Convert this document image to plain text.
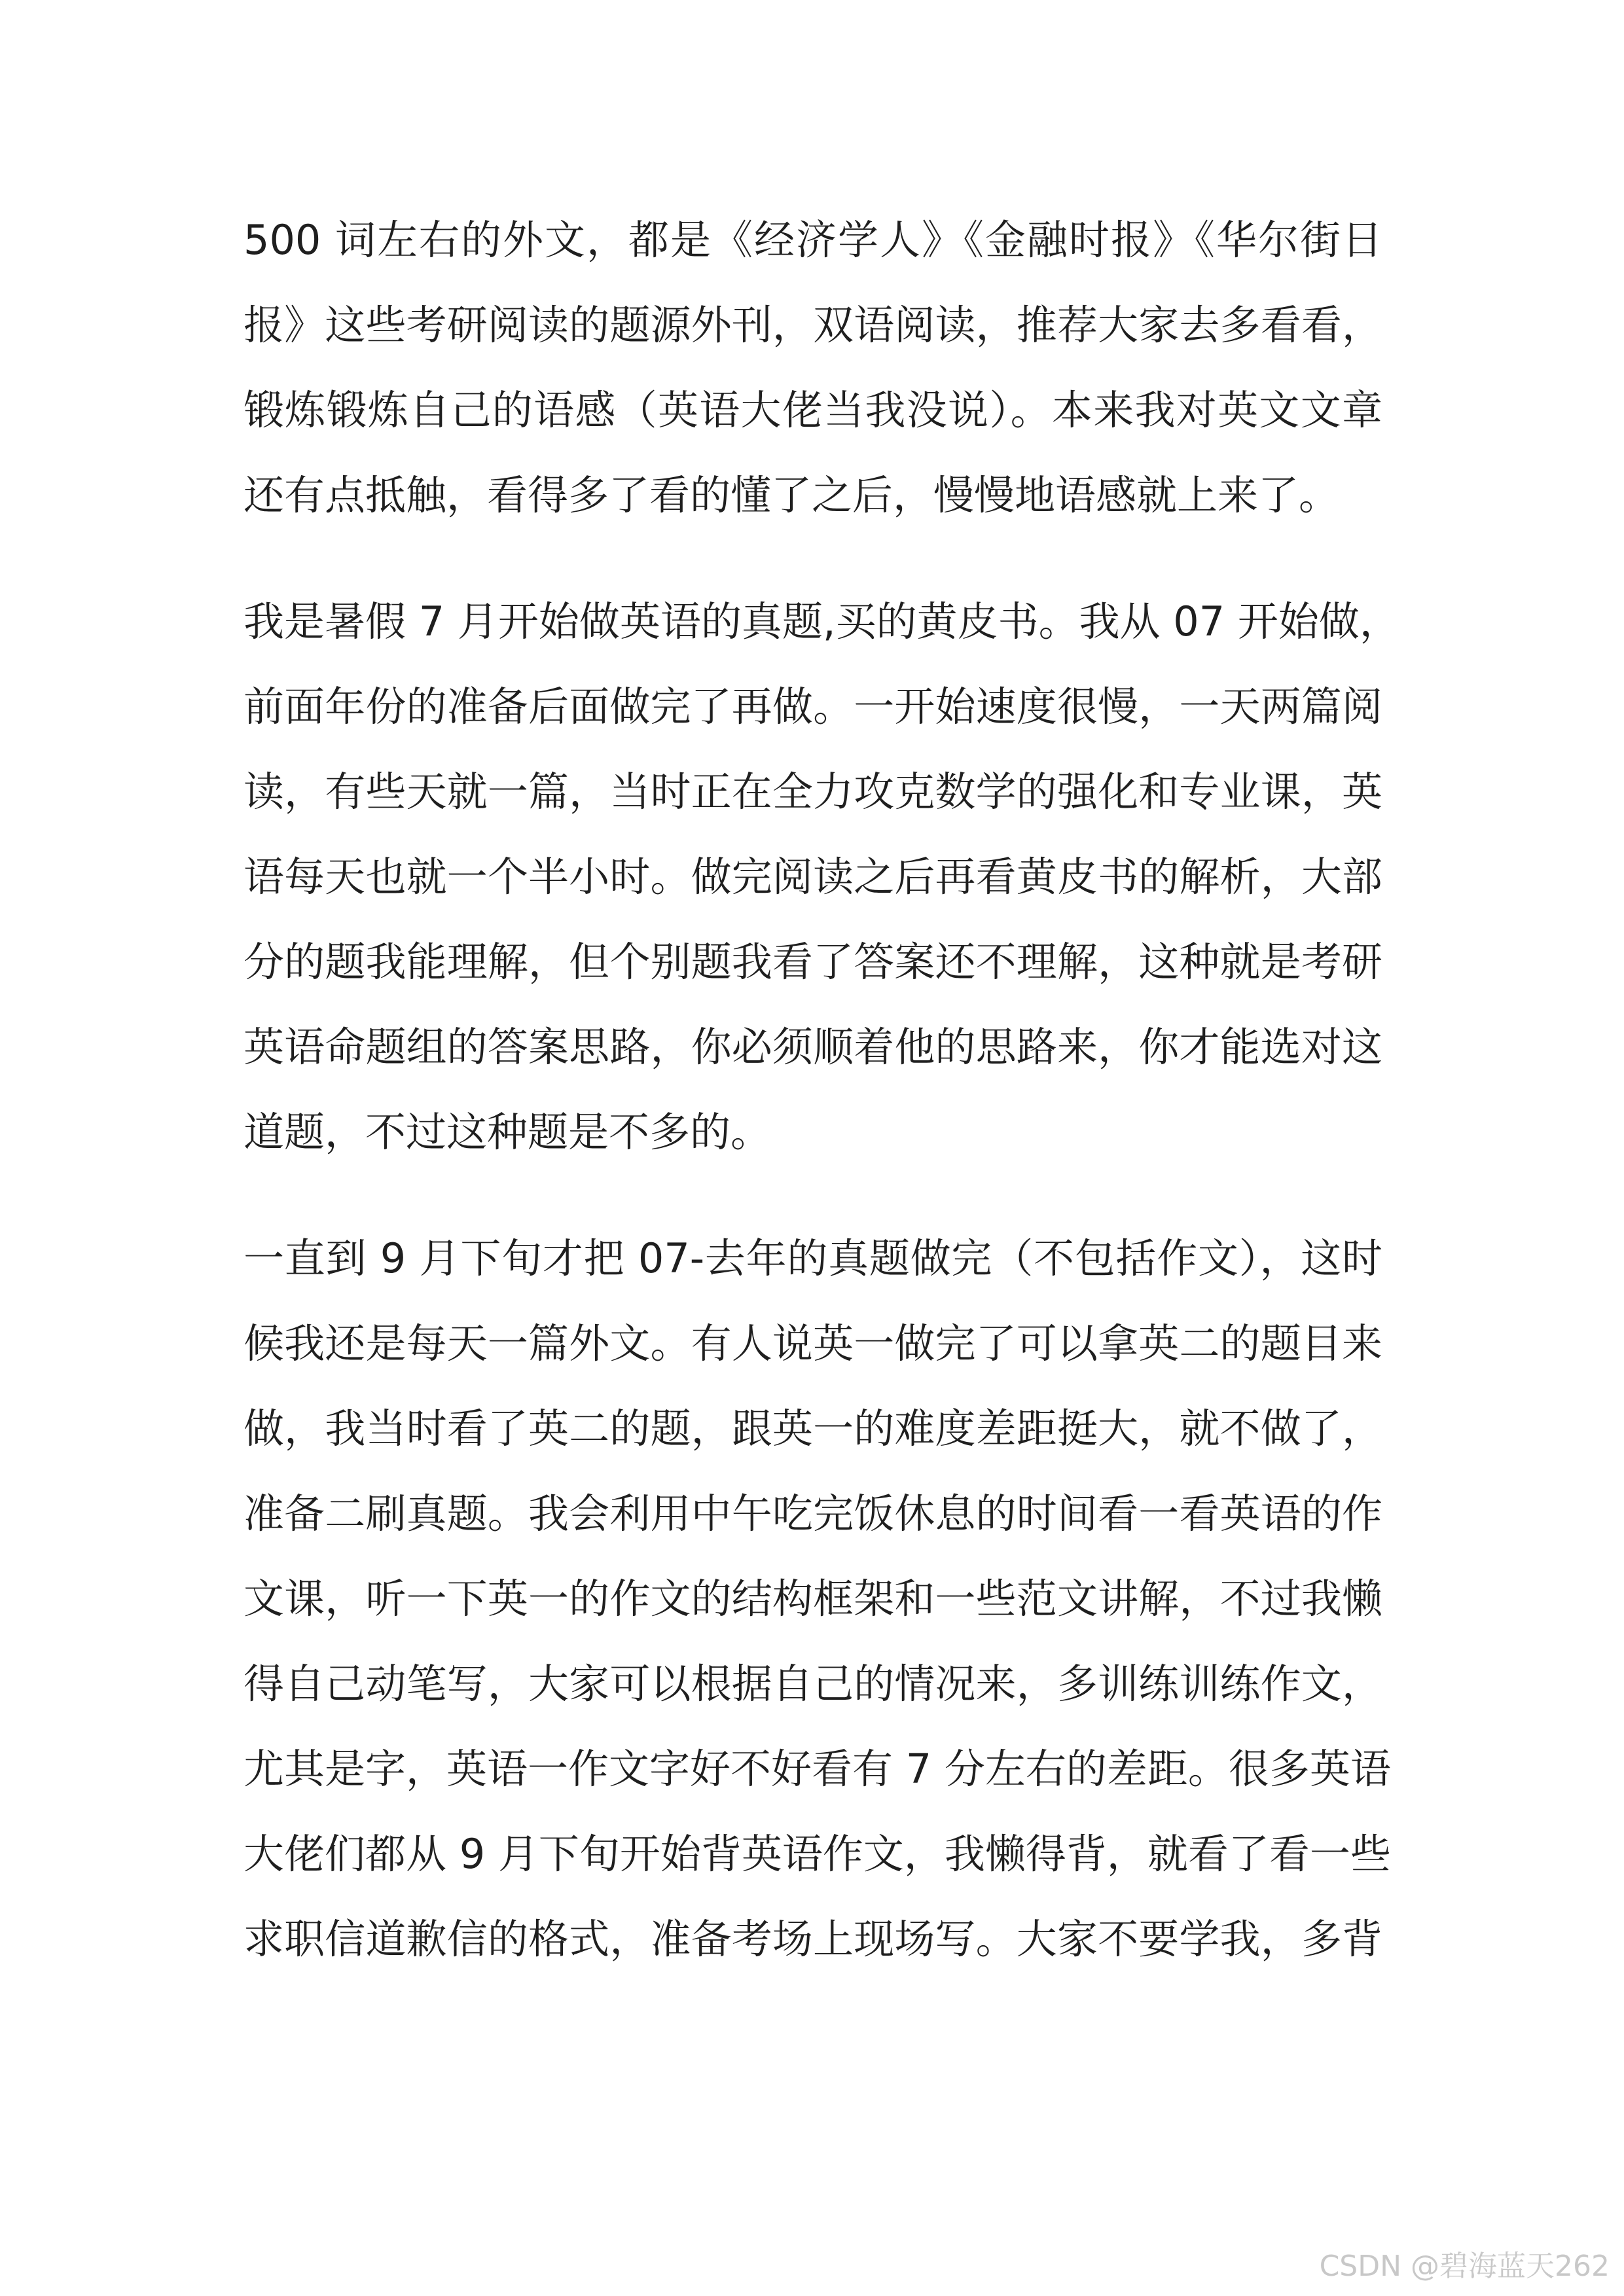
500 词左右的外文，都是《经济学人》《金融时报》《华尔街日
报》这些考研阅读的题源外刊，双语阅读，推荐大家去多看看，
锻炼锻炼自己的语感（英语大佬当我没说）。本来我对英文文章
还有点抵触，看得多了看的懂了之后，慢慢地语感就上来了。
我是暑假 7 月开始做英语的真题,买的黄皮书。我从 07 开始做，
前面年份的准备后面做完了再做。一开始速度很慢，一天两篇阅
读，有些天就一篇，当时正在全力攻克数学的强化和专业课，英
语每天也就一个半小时。做完阅读之后再看黄皮书的解析，大部
分的题我能理解，但个别题我看了答案还不理解，这种就是考研
英语命题组的答案思路，你必须顺着他的思路来，你才能选对这
道题，不过这种题是不多的。
一直到 9 月下旬才把 07-去年的真题做完（不包括作文），这时
候我还是每天一篇外文。有人说英一做完了可以拿英二的题目来
做，我当时看了英二的题，跟英一的难度差距挺大，就不做了，
准备二刷真题。我会利用中午吃完饭休息的时间看一看英语的作
文课，听一下英一的作文的结构框架和一些范文讲解，不过我懒
得自己动笔写，大家可以根据自己的情况来，多训练训练作文，
尤其是字，英语一作文字好不好看有 7 分左右的差距。很多英语
大佬们都从 9 月下旬开始背英语作文，我懒得背，就看了看一些
求职信道歉信的格式，准备考场上现场写。大家不要学我，多背
CSDN @碧海蓝天262
